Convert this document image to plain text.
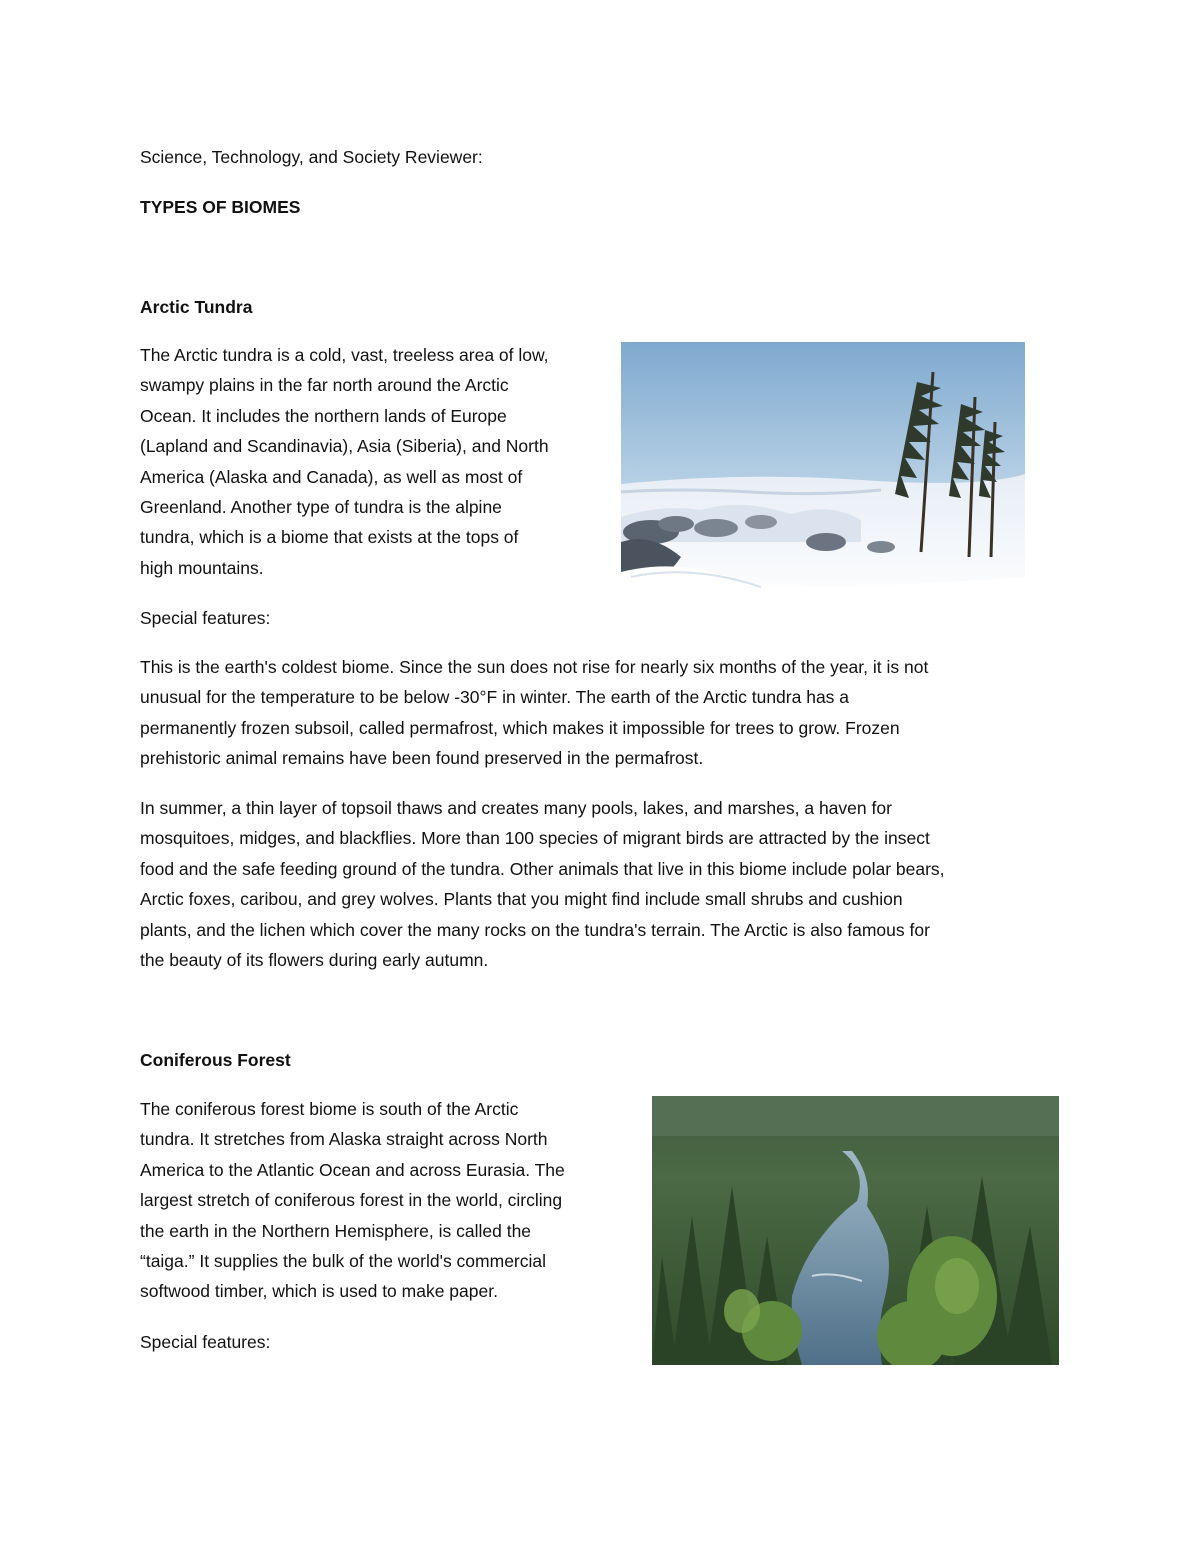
Science, Technology, and Society Reviewer:

TYPES OF BIOMES

Arctic Tundra

The Arctic tundra is a cold, vast, treeless area of low,
swampy plains in the far north around the Arctic
Ocean. It includes the northern lands of Europe
(Lapland and Scandinavia), Asia (Siberia), and North
America (Alaska and Canada), as well as most of
Greenland. Another type of tundra is the alpine
tundra, which is a biome that exists at the tops of
high mountains.

Special features:

This is the earth's coldest biome. Since the sun does not rise for nearly six months of the year, it is not
unusual for the temperature to be below -30°F in winter. The earth of the Arctic tundra has a
permanently frozen subsoil, called permafrost, which makes it impossible for trees to grow. Frozen
prehistoric animal remains have been found preserved in the permafrost.
In summer, a thin layer of topsoil thaws and creates many pools, lakes, and marshes, a haven for
mosquitoes, midges, and blackflies. More than 100 species of migrant birds are attracted by the insect
food and the safe feeding ground of the tundra. Other animals that live in this biome include polar bears,
Arctic foxes, caribou, and grey wolves. Plants that you might find include small shrubs and cushion
plants, and the lichen which cover the many rocks on the tundra's terrain. The Arctic is also famous for
the beauty of its flowers during early autumn.

Coniferous Forest

The coniferous forest biome is south of the Arctic
tundra. It stretches from Alaska straight across North
America to the Atlantic Ocean and across Eurasia. The
largest stretch of coniferous forest in the world, circling
the earth in the Northern Hemisphere, is called the
“taiga.” It supplies the bulk of the world's commercial
softwood timber, which is used to make paper.

Special features:
